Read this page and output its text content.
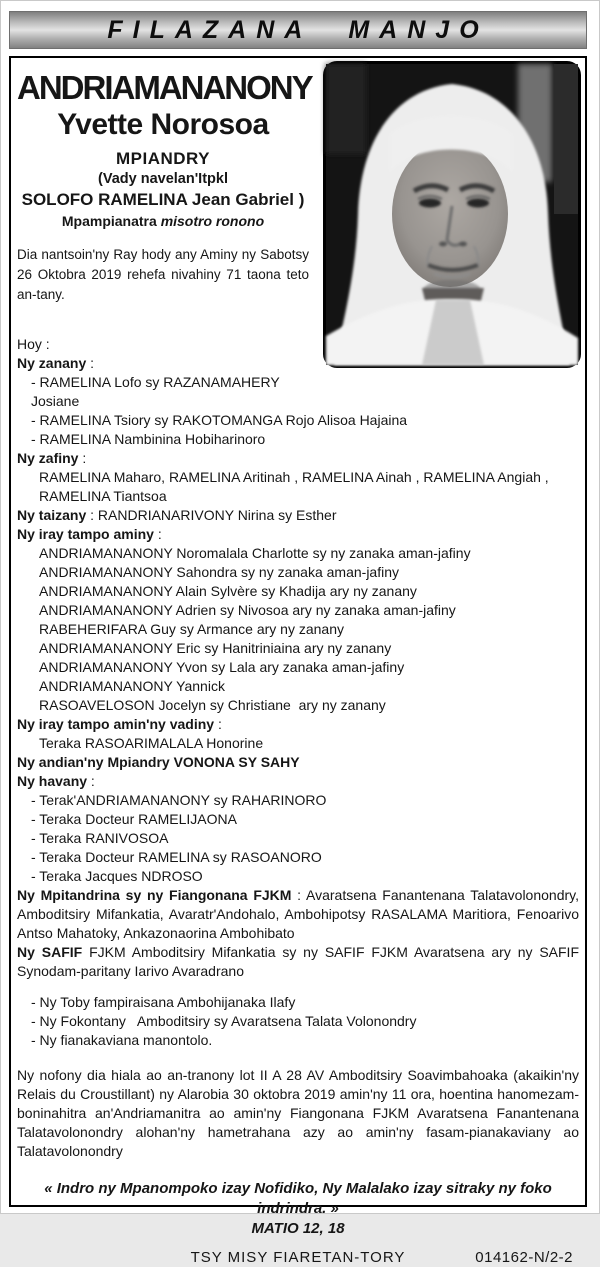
FILAZANA MANJO
ANDRIAMANANONY
Yvette Norosoa
MPIANDRY
(Vady navelan'Itpkl
SOLOFO RAMELINA Jean Gabriel )
Mpampianatra misotro ronono
Dia nantsoin'ny Ray hody any Aminy ny Sabotsy 26 Oktobra 2019 rehefa nivahiny 71 taona teto an-tany.
Hoy :
Ny zanany :
- RAMELINA Lofo sy RAZANAMAHERY Josiane
- RAMELINA Tsiory sy RAKOTOMANGA Rojo Alisoa Hajaina
- RAMELINA Nambinina Hobiharinoro
Ny zafiny :
RAMELINA Maharo, RAMELINA Aritinah , RAMELINA Ainah , RAMELINA Angiah , RAMELINA Tiantsoa
Ny taizany : RANDRIANARIVONY Nirina sy Esther
Ny iray tampo aminy :
ANDRIAMANANONY Noromalala Charlotte sy ny zanaka aman-jafiny
ANDRIAMANANONY Sahondra sy ny zanaka aman-jafiny
ANDRIAMANANONY Alain Sylvère sy Khadija ary ny zanany
ANDRIAMANANONY Adrien sy Nivosoa ary ny zanaka aman-jafiny
RABEHERIFARA Guy sy Armance ary ny zanany
ANDRIAMANANONY Eric sy Hanitriniaina ary ny zanany
ANDRIAMANANONY Yvon sy Lala ary zanaka aman-jafiny
ANDRIAMANANONY Yannick
RASOAVELOSON Jocelyn sy Christiane  ary ny zanany
Ny iray tampo amin'ny vadiny :
Teraka RASOARIMALALA Honorine
Ny andian'ny Mpiandry VONONA SY SAHY
Ny havany :
- Terak'ANDRIAMANANONY sy RAHARINORO
- Teraka Docteur RAMELIJAONA
- Teraka RANIVOSOA
- Teraka Docteur RAMELINA sy RASOANORO
- Teraka Jacques NDROSO
Ny Mpitandrina sy ny Fiangonana FJKM : Avaratsena Fanantenana Talatavolonondry, Amboditsiry Mifankatia, Avaratr'Andohalo, Ambohipotsy RASALAMA Maritiora, Fenoarivo Antso Mahatoky, Ankazonaorina Ambohibato
Ny SAFIF FJKM Amboditsiry Mifankatia sy ny SAFIF FJKM Avaratsena ary ny SAFIF Synodam-paritany Iarivo Avaradrano
- Ny Toby fampiraisana Ambohijanaka Ilafy
- Ny Fokontany   Amboditsiry sy Avaratsena Talata Volonondry
- Ny fianakaviana manontolo.
Ny nofony dia hiala ao an-tranony lot II A 28 AV Amboditsiry Soavimbahoaka (akaikin'ny Relais du Croustillant) ny Alarobia 30 oktobra 2019 amin'ny 11 ora, hoentina hanomezam-boninahitra an'Andriamanitra ao amin'ny Fiangonana FJKM Avaratsena Fanantenana Talatavolonondry alohan'ny hametrahana azy ao amin'ny fasam-pianakaviany ao Talatavolonondry
« Indro ny Mpanompoko izay Nofidiko, Ny Malalako izay sitraky ny foko indrindra. »
MATIO 12, 18
TSY MISY FIARETAN-TORY	014162-N/2-2
